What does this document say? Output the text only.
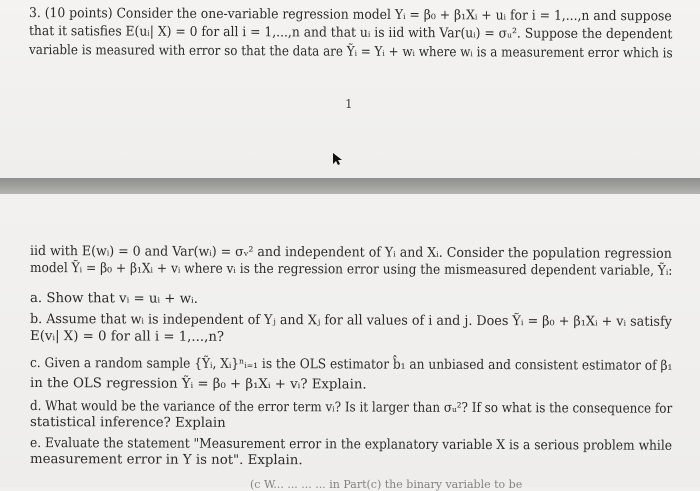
3. (10 points) Consider the one-variable regression model Yᵢ = β₀ + β₁Xᵢ + uᵢ for i = 1,...,n and suppose
that it satisfies E(uᵢ| X) = 0 for all i = 1,...,n and that uᵢ is iid with Var(uᵢ) = σᵤ². Suppose the dependent
variable is measured with error so that the data are Ỹᵢ = Yᵢ + wᵢ where wᵢ is a measurement error which is
1
iid with E(wᵢ) = 0 and Var(wᵢ) = σᵥ² and independent of Yᵢ and Xᵢ. Consider the population regression
model Ỹᵢ = β₀ + β₁Xᵢ + vᵢ where vᵢ is the regression error using the mismeasured dependent variable, Ỹᵢ:
a. Show that vᵢ = uᵢ + wᵢ.
b. Assume that wᵢ is independent of Yⱼ and Xⱼ for all values of i and j. Does Ỹᵢ = β₀ + β₁Xᵢ + vᵢ satisfy
E(vᵢ| X) = 0 for all i = 1,...,n?
c. Given a random sample {Ỹᵢ, Xᵢ}ⁿᵢ₌₁ is the OLS estimator b̂₁ an unbiased and consistent estimator of β₁
in the OLS regression Ỹᵢ = β₀ + β₁Xᵢ + vᵢ? Explain.
d. What would be the variance of the error term vᵢ? Is it larger than σᵤ²? If so what is the consequence for
statistical inference? Explain
e. Evaluate the statement "Measurement error in the explanatory variable X is a serious problem while
measurement error in Y is not". Explain.
(c W... ... ... ... in Part(c) the binary variable to be
